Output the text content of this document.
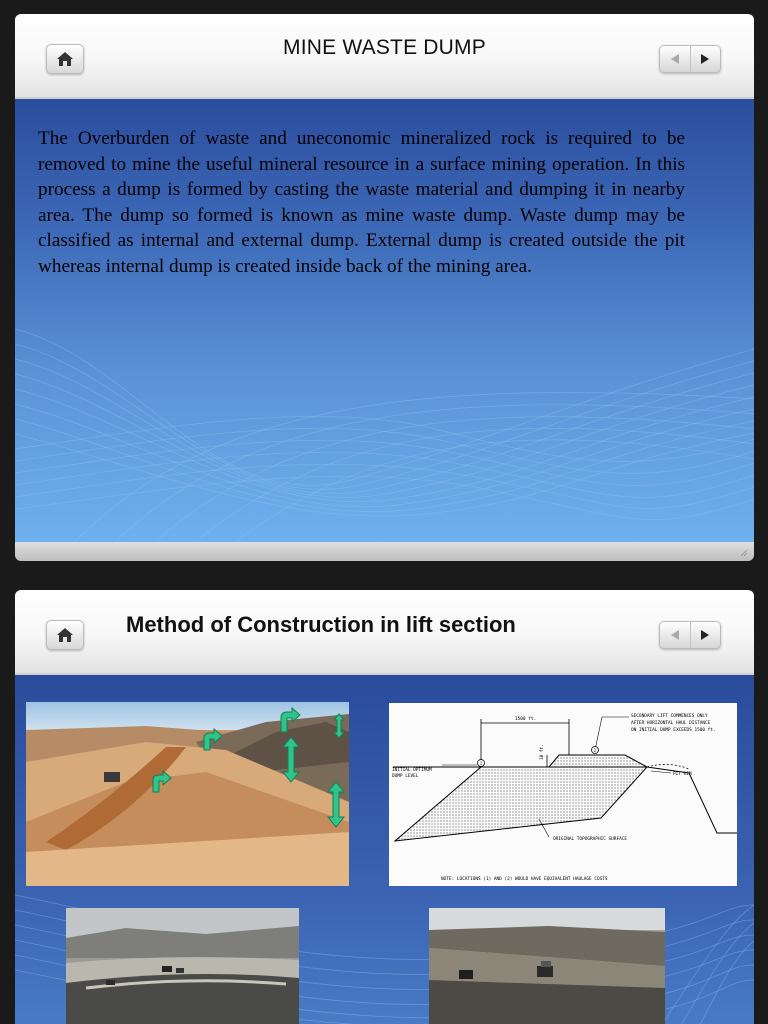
MINE WASTE DUMP
The Overburden of waste and uneconomic mineralized rock is required to be removed to mine the useful mineral resource in a surface mining operation. In this process a dump is formed by casting the waste material and dumping it in nearby area. The dump so formed is known as mine waste dump. Waste dump may be classified as internal and external dump. External dump is created outside the pit whereas internal dump is created inside back of the mining area.
Method of Construction in lift section
1
2
1500 ft.
10 ft.
SECONDARY LIFT COMMENCES ONLY
AFTER HORIZONTAL HAUL DISTANCE
ON INITIAL DUMP EXCEEDS 1500 ft.
INITIAL OPTIMUM
DUMP LEVEL	PIT RIM
ORIGINAL TOPOGRAPHIC SURFACE
NOTE: LOCATIONS (1) AND (2) WOULD HAVE EQUIVALENT HAULAGE COSTS
